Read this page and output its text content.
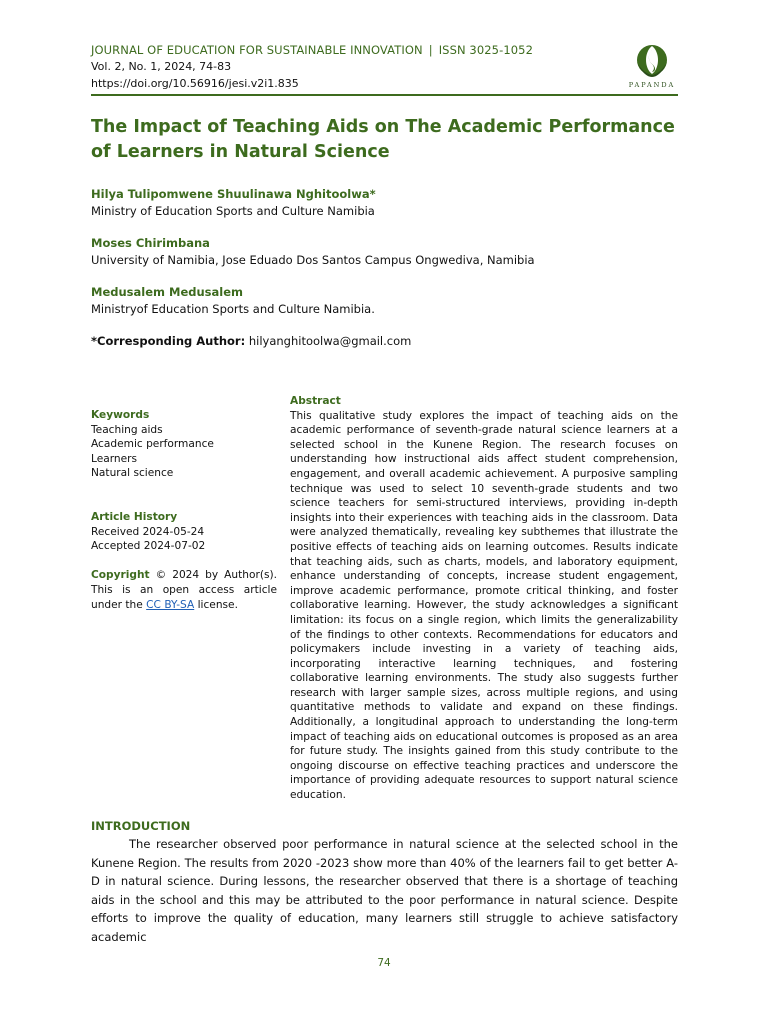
JOURNAL OF EDUCATION FOR SUSTAINABLE INNOVATION | ISSN 3025-1052
Vol. 2, No. 1, 2024, 74-83
https://doi.org/10.56916/jesi.v2i1.835	PAPANDA
The Impact of Teaching Aids on The Academic Performance of Learners in Natural Science
Hilya Tulipomwene Shuulinawa Nghitoolwa*
Ministry of Education Sports and Culture Namibia
Moses Chirimbana
University of Namibia, Jose Eduado Dos Santos Campus Ongwediva, Namibia
Medusalem Medusalem
Ministryof Education Sports and Culture Namibia.
*Corresponding Author: hilyanghitoolwa@gmail.com
Keywords
Teaching aids
Academic performance
Learners
Natural science
Article History
Received 2024-05-24
Accepted 2024-07-02
Copyright © 2024 by Author(s). This is an open access article under the CC BY-SA license.
Abstract
This qualitative study explores the impact of teaching aids on the academic performance of seventh-grade natural science learners at a selected school in the Kunene Region. The research focuses on understanding how instructional aids affect student comprehension, engagement, and overall academic achievement. A purposive sampling technique was used to select 10 seventh-grade students and two science teachers for semi-structured interviews, providing in-depth insights into their experiences with teaching aids in the classroom. Data were analyzed thematically, revealing key subthemes that illustrate the positive effects of teaching aids on learning outcomes. Results indicate that teaching aids, such as charts, models, and laboratory equipment, enhance understanding of concepts, increase student engagement, improve academic performance, promote critical thinking, and foster collaborative learning. However, the study acknowledges a significant limitation: its focus on a single region, which limits the generalizability of the findings to other contexts. Recommendations for educators and policymakers include investing in a variety of teaching aids, incorporating interactive learning techniques, and fostering collaborative learning environments. The study also suggests further research with larger sample sizes, across multiple regions, and using quantitative methods to validate and expand on these findings. Additionally, a longitudinal approach to understanding the long-term impact of teaching aids on educational outcomes is proposed as an area for future study. The insights gained from this study contribute to the ongoing discourse on effective teaching practices and underscore the importance of providing adequate resources to support natural science education.
INTRODUCTION

The researcher observed poor performance in natural science at the selected school in the Kunene Region. The results from 2020 -2023 show more than 40% of the learners fail to get better A-D in natural science. During lessons, the researcher observed that there is a shortage of teaching aids in the school and this may be attributed to the poor performance in natural science. Despite efforts to improve the quality of education, many learners still struggle to achieve satisfactory academic

74
